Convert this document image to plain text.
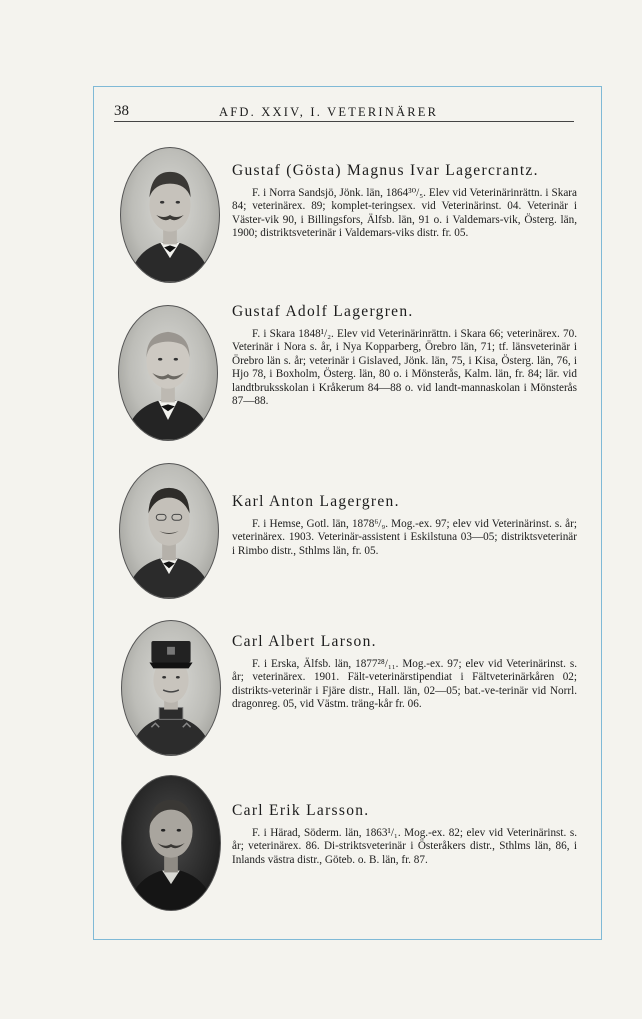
38	AFD. XXIV, I. VETERINÄRER

Gustaf (Gösta) Magnus Ivar Lagercrantz.

F. i Norra Sandsjö, Jönk. län, 1864³⁰/₅. Elev vid Veterinärinrättn. i Skara 84; veterinärex. 89; komplet-teringsex. vid Veterinärinst. 04. Veterinär i Väster-vik 90, i Billingsfors, Älfsb. län, 91 o. i Valdemars-vik, Österg. län, 1900; distriktsveterinär i Valdemars-viks distr. fr. 05.

Gustaf Adolf Lagergren.

F. i Skara 1848¹/₂. Elev vid Veterinärinrättn. i Skara 66; veterinärex. 70. Veterinär i Nora s. år, i Nya Kopparberg, Örebro län, 71; tf. länsveterinär i Örebro län s. år; veterinär i Gislaved, Jönk. län, 75, i Kisa, Österg. län, 76, i Hjo 78, i Boxholm, Österg. län, 80 o. i Mönsterås, Kalm. län, fr. 84; lär. vid landtbruksskolan i Kråkerum 84—88 o. vid landt-mannaskolan i Mönsterås 87—88.

Karl Anton Lagergren.

F. i Hemse, Gotl. län, 1878⁶/₉. Mog.-ex. 97; elev vid Veterinärinst. s. år; veterinärex. 1903. Veterinär-assistent i Eskilstuna 03—05; distriktsveterinär i Rimbo distr., Sthlms län, fr. 05.

Carl Albert Larson.

F. i Erska, Älfsb. län, 1877²⁸/₁₁. Mog.-ex. 97; elev vid Veterinärinst. s. år; veterinärex. 1901. Fält-veterinärstipendiat i Fältveterinärkåren 02; distrikts-veterinär i Fjäre distr., Hall. län, 02—05; bat.-ve-terinär vid Norrl. dragonreg. 05, vid Västm. träng-kår fr. 06.

Carl Erik Larsson.

F. i Härad, Söderm. län, 1863¹/₁. Mog.-ex. 82; elev vid Veterinärinst. s. år; veterinärex. 86. Di-striktsveterinär i Österåkers distr., Sthlms län, 86, i Inlands västra distr., Göteb. o. B. län, fr. 87.
